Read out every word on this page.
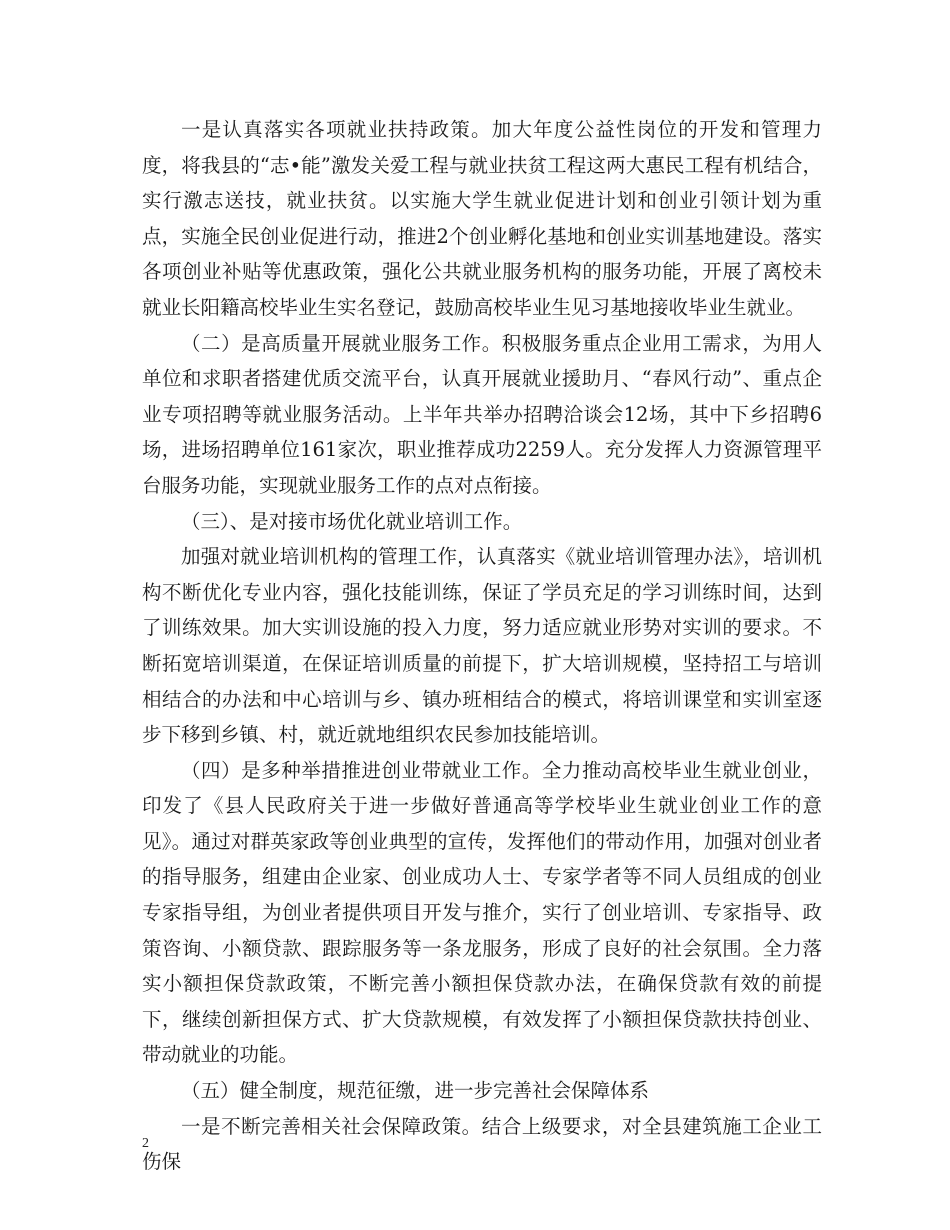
一是认真落实各项就业扶持政策。加大年度公益性岗位的开发和管理力度，将我县的“志•能”激发关爱工程与就业扶贫工程这两大惠民工程有机结合，实行激志送技，就业扶贫。以实施大学生就业促进计划和创业引领计划为重点，实施全民创业促进行动，推进2个创业孵化基地和创业实训基地建设。落实各项创业补贴等优惠政策，强化公共就业服务机构的服务功能，开展了离校未就业长阳籍高校毕业生实名登记，鼓励高校毕业生见习基地接收毕业生就业。

（二）是高质量开展就业服务工作。积极服务重点企业用工需求，为用人单位和求职者搭建优质交流平台，认真开展就业援助月、“春风行动”、重点企业专项招聘等就业服务活动。上半年共举办招聘洽谈会12场，其中下乡招聘6场，进场招聘单位161家次，职业推荐成功2259人。充分发挥人力资源管理平台服务功能，实现就业服务工作的点对点衔接。

（三）、是对接市场优化就业培训工作。

加强对就业培训机构的管理工作，认真落实《就业培训管理办法》，培训机构不断优化专业内容，强化技能训练，保证了学员充足的学习训练时间，达到了训练效果。加大实训设施的投入力度，努力适应就业形势对实训的要求。不断拓宽培训渠道，在保证培训质量的前提下，扩大培训规模，坚持招工与培训相结合的办法和中心培训与乡、镇办班相结合的模式，将培训课堂和实训室逐步下移到乡镇、村，就近就地组织农民参加技能培训。

（四）是多种举措推进创业带就业工作。全力推动高校毕业生就业创业，印发了《县人民政府关于进一步做好普通高等学校毕业生就业创业工作的意见》。通过对群英家政等创业典型的宣传，发挥他们的带动作用，加强对创业者的指导服务，组建由企业家、创业成功人士、专家学者等不同人员组成的创业专家指导组，为创业者提供项目开发与推介，实行了创业培训、专家指导、政策咨询、小额贷款、跟踪服务等一条龙服务，形成了良好的社会氛围。全力落实小额担保贷款政策，不断完善小额担保贷款办法，在确保贷款有效的前提下，继续创新担保方式、扩大贷款规模，有效发挥了小额担保贷款扶持创业、带动就业的功能。

（五）健全制度，规范征缴，进一步完善社会保障体系

一是不断完善相关社会保障政策。结合上级要求，对全县建筑施工企业工伤保

2
